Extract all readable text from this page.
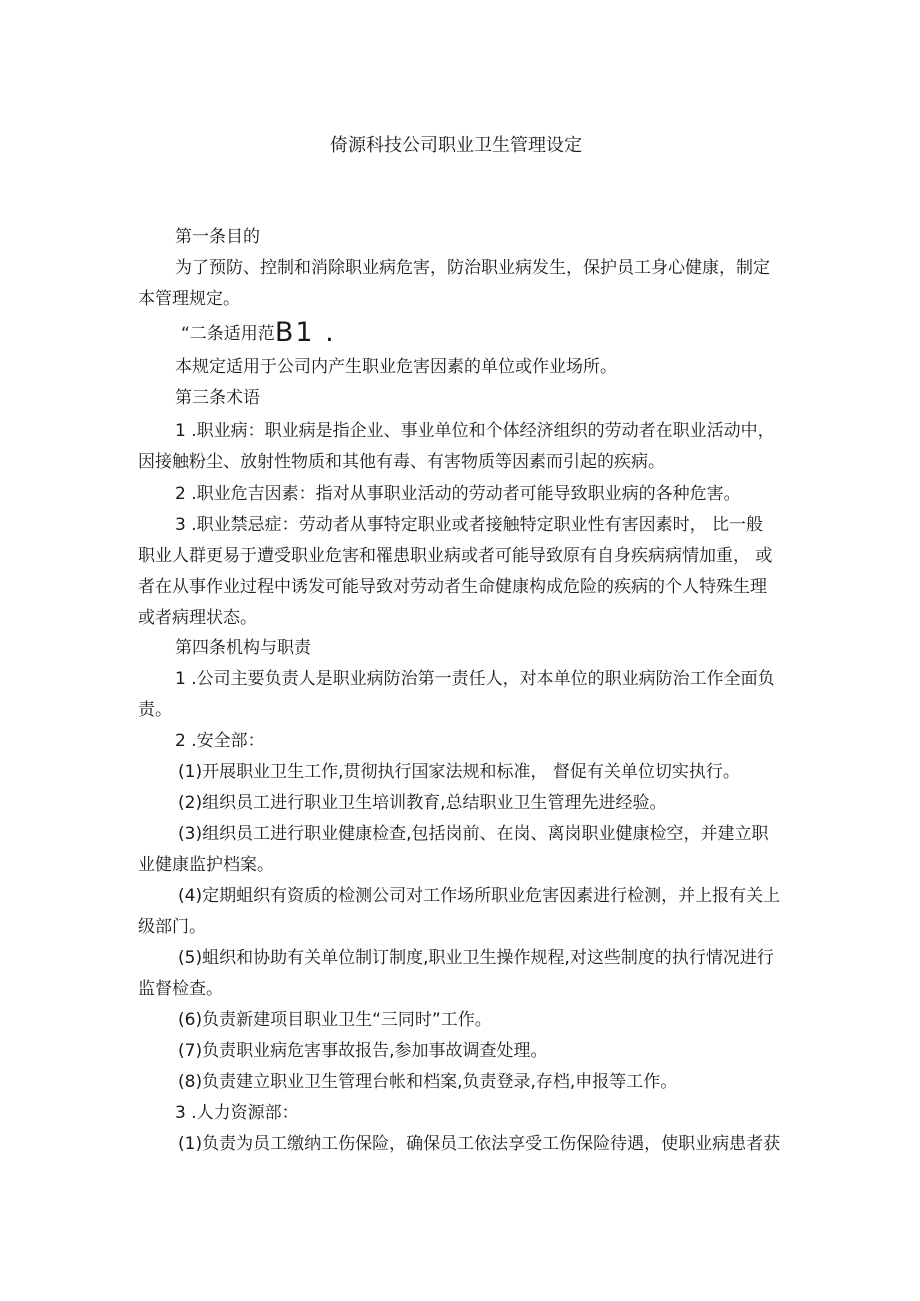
倚源科技公司职业卫生管理设定
第一条目的
为了预防、控制和消除职业病危害，防治职业病发生，保护员工身心健康，制定
本管理规定。
“二条适用范B1 .
本规定适用于公司内产生职业危害因素的单位或作业场所。
第三条术语
1 .职业病：职业病是指企业、事业单位和个体经济组织的劳动者在职业活动中，
因接触粉尘、放射性物质和其他有毒、有害物质等因素而引起的疾病。
2 .职业危吉因素：指对从事职业活动的劳动者可能导致职业病的各种危害。
3 .职业禁忌症：劳动者从事特定职业或者接触特定职业性有害因素时， 比一般
职业人群更易于遭受职业危害和罹患职业病或者可能导致原有自身疾病病情加重， 或
者在从事作业过程中诱发可能导致对劳动者生命健康构成危险的疾病的个人特殊生理
或者病理状态。
第四条机构与职责
1 .公司主要负责人是职业病防治第一责任人，对本单位的职业病防治工作全面负
责。
2 .安全部：
(1)开展职业卫生工作,贯彻执行国家法规和标准， 督促有关单位切实执行。
(2)组织员工进行职业卫生培训教育,总结职业卫生管理先进经验。
(3)组织员工进行职业健康检查,包括岗前、在岗、离岗职业健康检空，并建立职
业健康监护档案。
(4)定期蛆织有资质的检测公司对工作场所职业危害因素进行检测，并上报有关上
级部门。
(5)蛆织和协助有关单位制订制度,职业卫生操作规程,对这些制度的执行情况进行
监督检查。
(6)负责新建项目职业卫生“三同时”工作。
(7)负责职业病危害事故报告,参加事故调查处理。
(8)负责建立职业卫生管理台帐和档案,负责登录,存档,申报等工作。
3 .人力资源部：
(1)负责为员工缴纳工伤保险，确保员工依法享受工伤保险待遇，使职业病患者获
